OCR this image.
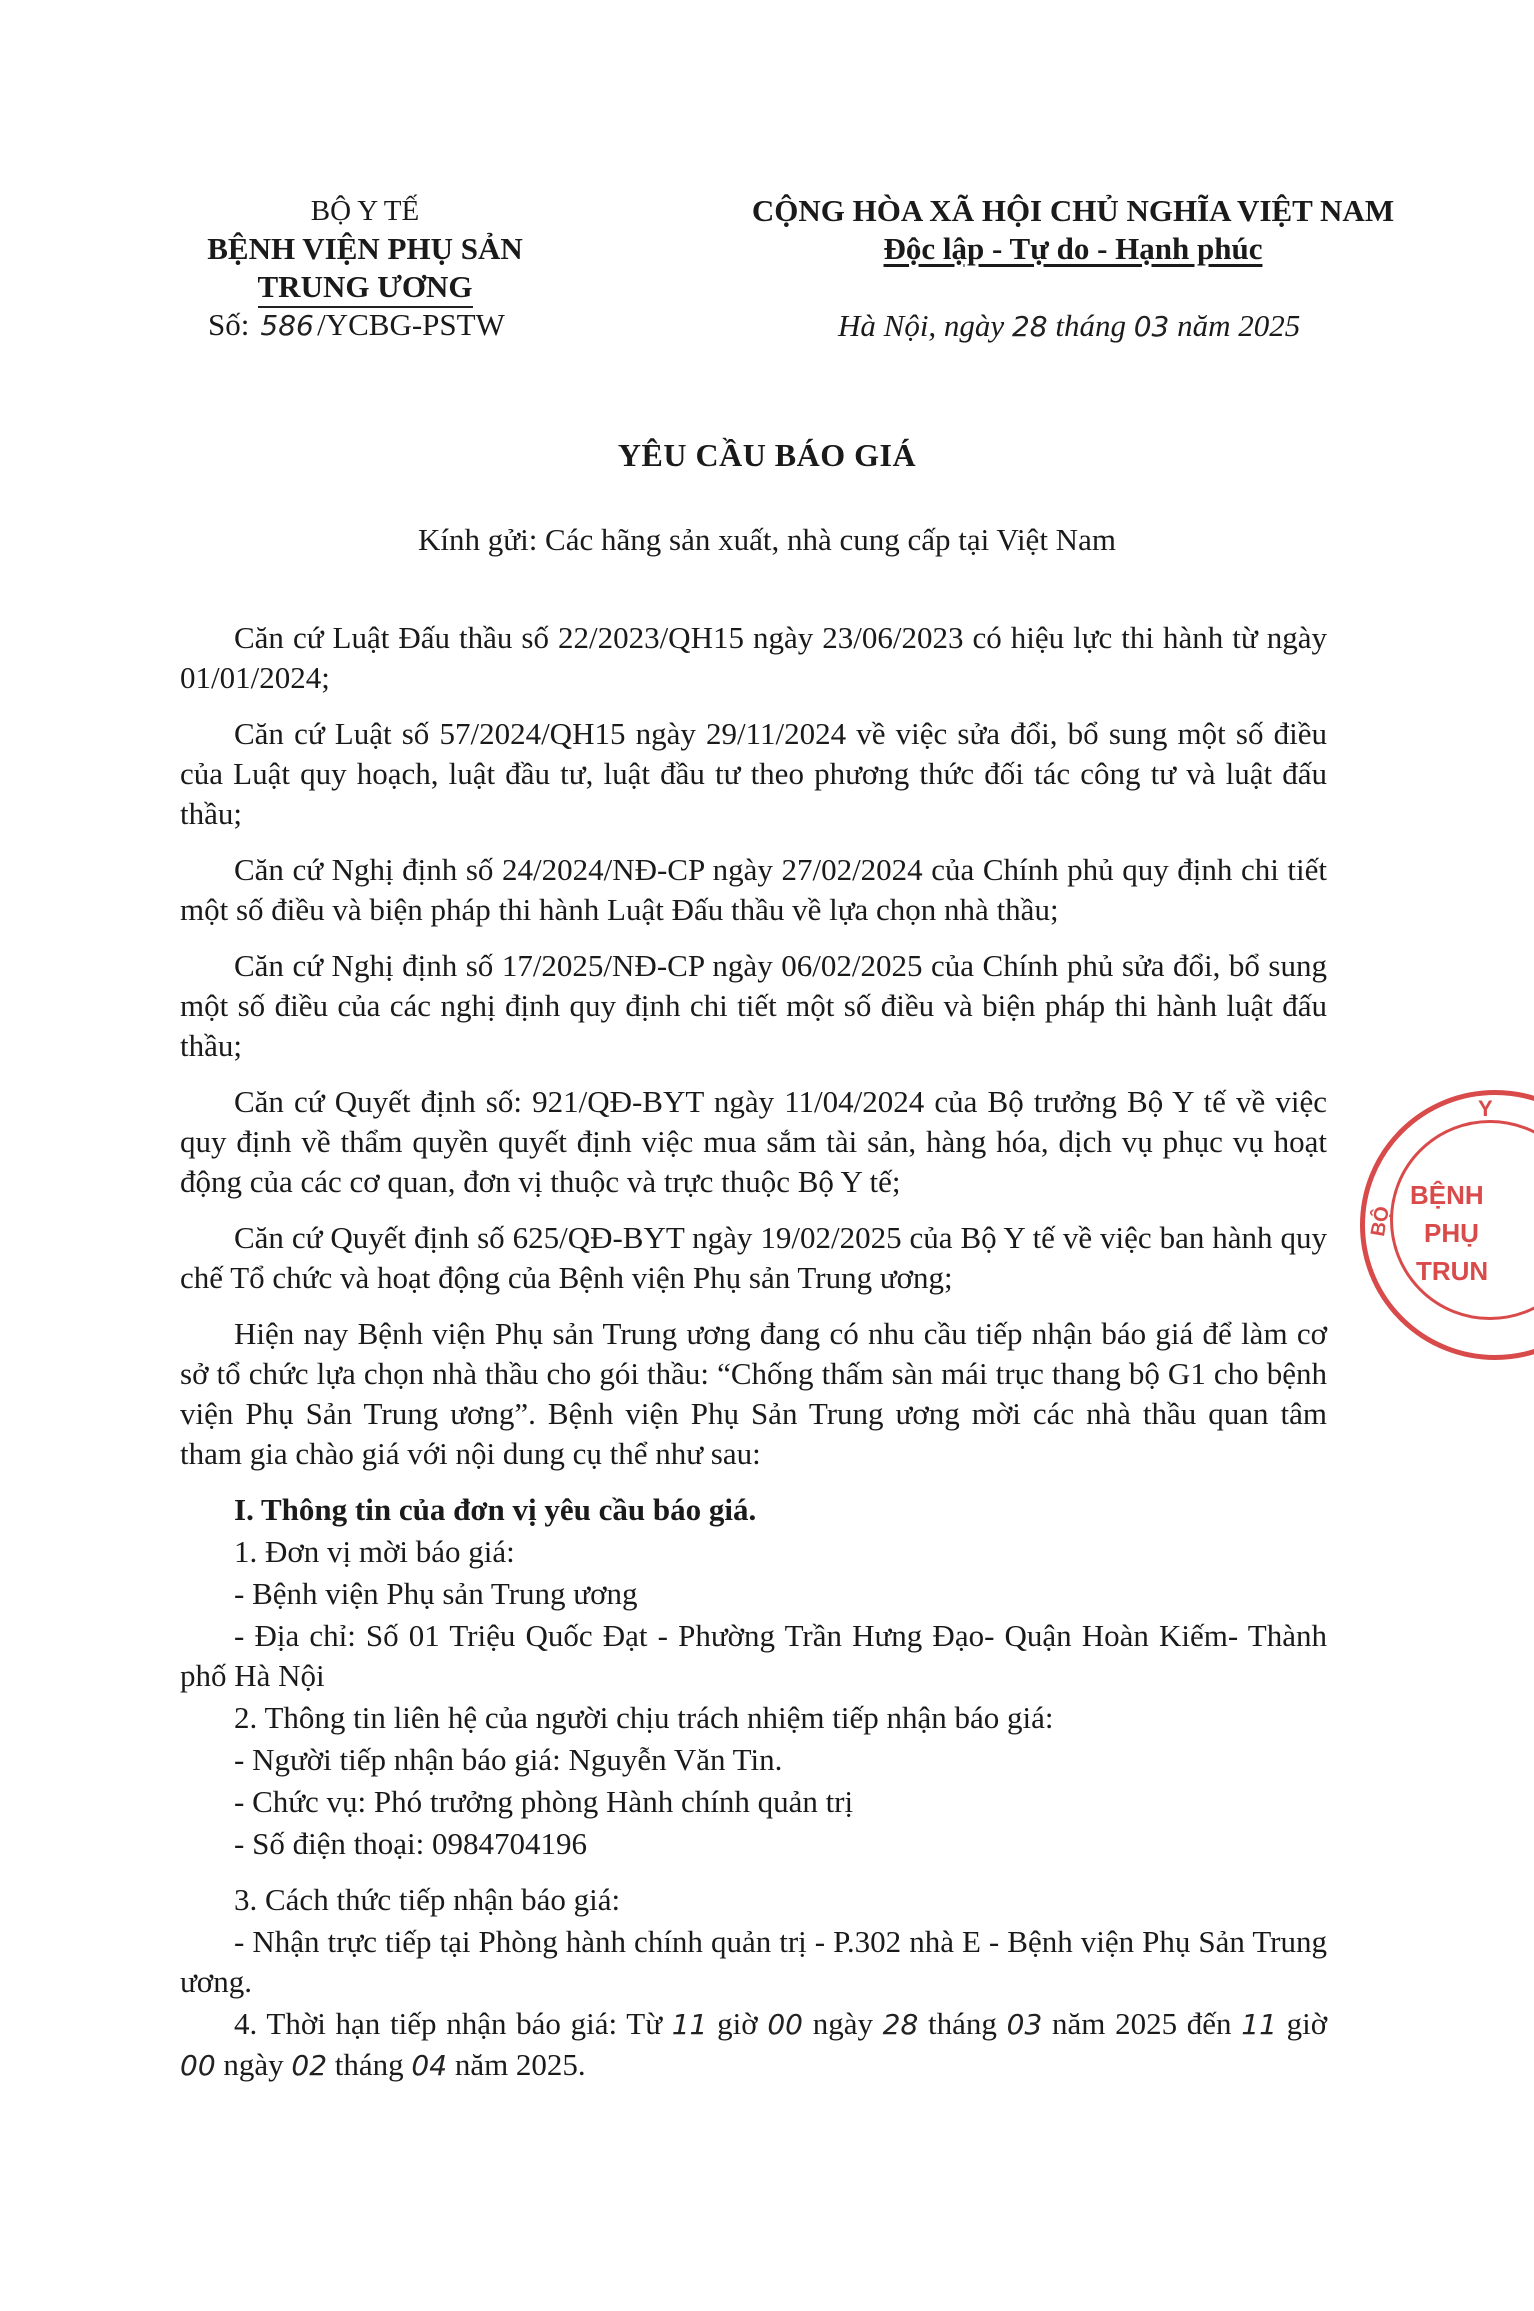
BỘ Y TẾ
BỆNH VIỆN PHỤ SẢN
TRUNG ƯƠNG
Số: 586 /YCBG-PSTW
CỘNG HÒA XÃ HỘI CHỦ NGHĨA VIỆT NAM
Độc lập - Tự do - Hạnh phúc
Hà Nội, ngày 28 tháng 03 năm 2025
YÊU CẦU BÁO GIÁ
Kính gửi: Các hãng sản xuất, nhà cung cấp tại Việt Nam

Căn cứ Luật Đấu thầu số 22/2023/QH15 ngày 23/06/2023 có hiệu lực thi hành từ ngày 01/01/2024;

Căn cứ Luật số 57/2024/QH15 ngày 29/11/2024 về việc sửa đổi, bổ sung một số điều của Luật quy hoạch, luật đầu tư, luật đầu tư theo phương thức đối tác công tư và luật đấu thầu;

Căn cứ Nghị định số 24/2024/NĐ-CP ngày 27/02/2024 của Chính phủ quy định chi tiết một số điều và biện pháp thi hành Luật Đấu thầu về lựa chọn nhà thầu;

Căn cứ Nghị định số 17/2025/NĐ-CP ngày 06/02/2025 của Chính phủ sửa đổi, bổ sung một số điều của các nghị định quy định chi tiết một số điều và biện pháp thi hành luật đấu thầu;

Căn cứ Quyết định số: 921/QĐ-BYT ngày 11/04/2024 của Bộ trưởng Bộ Y tế về việc quy định về thẩm quyền quyết định việc mua sắm tài sản, hàng hóa, dịch vụ phục vụ hoạt động của các cơ quan, đơn vị thuộc và trực thuộc Bộ Y tế;

Căn cứ Quyết định số 625/QĐ-BYT ngày 19/02/2025 của Bộ Y tế về việc ban hành quy chế Tổ chức và hoạt động của Bệnh viện Phụ sản Trung ương;

Hiện nay Bệnh viện Phụ sản Trung ương đang có nhu cầu tiếp nhận báo giá để làm cơ sở tổ chức lựa chọn nhà thầu cho gói thầu: “Chống thấm sàn mái trục thang bộ G1 cho bệnh viện Phụ Sản Trung ương”. Bệnh viện Phụ Sản Trung ương mời các nhà thầu quan tâm tham gia chào giá với nội dung cụ thể như sau:

I. Thông tin của đơn vị yêu cầu báo giá.

1. Đơn vị mời báo giá:

- Bệnh viện Phụ sản Trung ương

- Địa chỉ: Số 01 Triệu Quốc Đạt - Phường Trần Hưng Đạo- Quận Hoàn Kiếm- Thành phố Hà Nội

2. Thông tin liên hệ của người chịu trách nhiệm tiếp nhận báo giá:

- Người tiếp nhận báo giá: Nguyễn Văn Tin.

- Chức vụ: Phó trưởng phòng Hành chính quản trị

- Số điện thoại: 0984704196

3. Cách thức tiếp nhận báo giá:

- Nhận trực tiếp tại Phòng hành chính quản trị - P.302 nhà E - Bệnh viện Phụ Sản Trung ương.

4. Thời hạn tiếp nhận báo giá: Từ 11 giờ 00 ngày 28 tháng 03 năm 2025 đến 11 giờ 00 ngày 02 tháng 04 năm 2025.

Y
BỆNH
PHỤ
TRUN
BỘ
